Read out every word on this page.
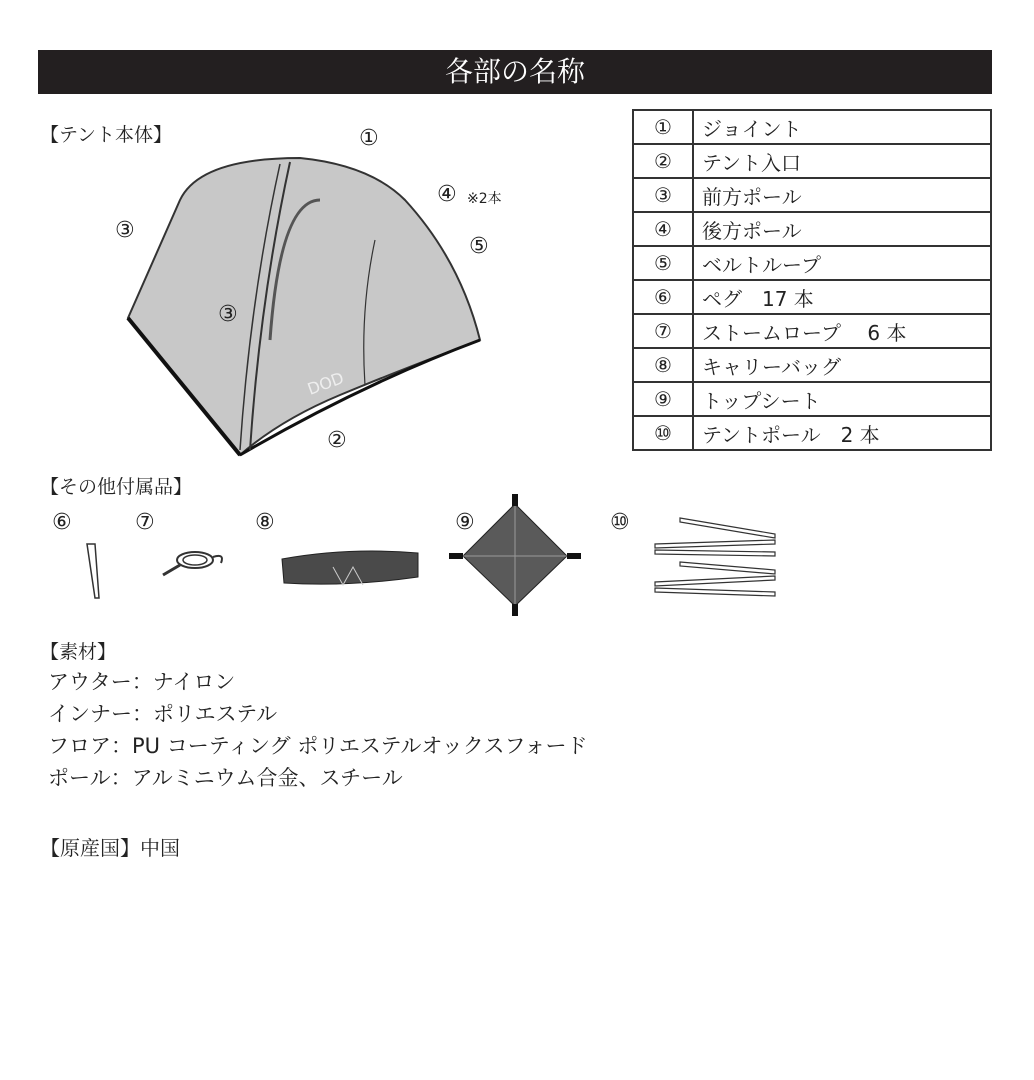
各部の名称
【テント本体】
DOD
①
②
③
③
④ ※2本
⑤
①	ジョイント
②	テント入口
③	前方ポール
④	後方ポール
⑤	ベルトループ
⑥	ペグ　17 本
⑦	ストームロープ　 6 本
⑧	キャリーバッグ
⑨	トップシート
⑩	テントポール　2 本
【その他付属品】
⑥	⑦	⑧	⑨	⑩
【素材】
アウター：ナイロン
インナー：ポリエステル
フロア：PU コーティング ポリエステルオックスフォード
ポール：アルミニウム合金、スチール
【原産国】中国
